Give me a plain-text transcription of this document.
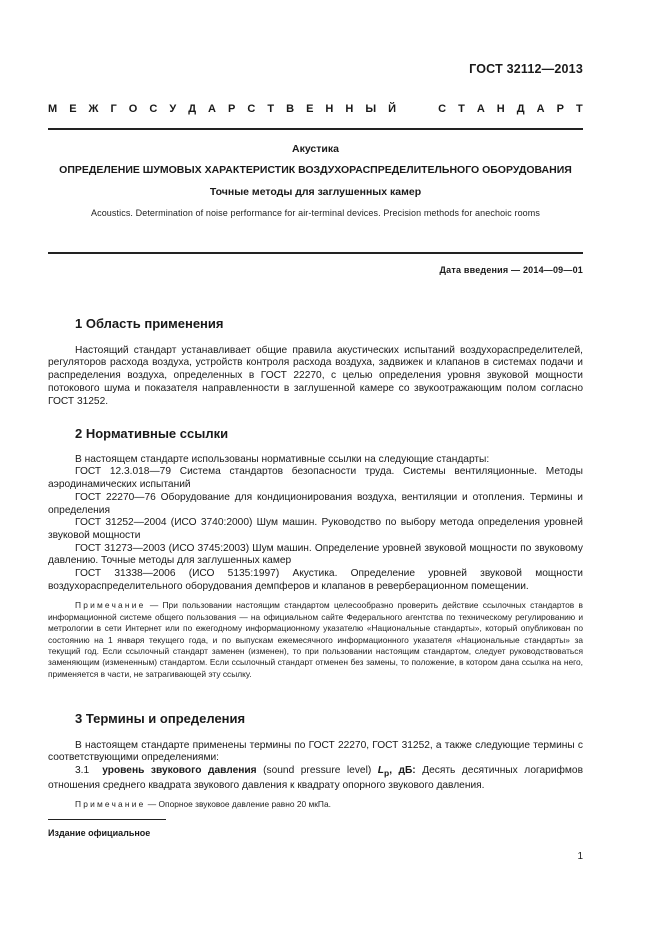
ГОСТ 32112—2013
М Е Ж Г О С У Д А Р С Т В Е Н Н Ы Й	С Т А Н Д А Р Т
Акустика
ОПРЕДЕЛЕНИЕ ШУМОВЫХ ХАРАКТЕРИСТИК ВОЗДУХОРАСПРЕДЕЛИТЕЛЬНОГО ОБОРУДОВАНИЯ
Точные методы для заглушенных камер
Acoustics. Determination of noise performance for air-terminal devices. Precision methods for anechoic rooms
Дата введения — 2014—09—01
1 Область применения

Настоящий стандарт устанавливает общие правила акустических испытаний воздухораспределителей, регуляторов расхода воздуха, устройств контроля расхода воздуха, задвижек и клапанов в системах подачи и распределения воздуха, определенных в ГОСТ 22270, с целью определения уровня звуковой мощности потокового шума и показателя направленности в заглушенной камере со звукоотражающим полом согласно ГОСТ 31252.

2 Нормативные ссылки

В настоящем стандарте использованы нормативные ссылки на следующие стандарты:

ГОСТ 12.3.018—79 Система стандартов безопасности труда. Системы вентиляционные. Методы аэродинамических испытаний

ГОСТ 22270—76 Оборудование для кондиционирования воздуха, вентиляции и отопления. Термины и определения

ГОСТ 31252—2004 (ИСО 3740:2000) Шум машин. Руководство по выбору метода определения уровней звуковой мощности

ГОСТ 31273—2003 (ИСО 3745:2003) Шум машин. Определение уровней звуковой мощности по звуковому давлению. Точные методы для заглушенных камер

ГОСТ 31338—2006 (ИСО 5135:1997) Акустика. Определение уровней звуковой мощности воздухораспределительного оборудования демпферов и клапанов в реверберационном помещении.

Примечание — При пользовании настоящим стандартом целесообразно проверить действие ссылочных стандартов в информационной системе общего пользования — на официальном сайте Федерального агентства по техническому регулированию и метрологии в сети Интернет или по ежегодному информационному указателю «Национальные стандарты», который опубликован по состоянию на 1 января текущего года, и по выпускам ежемесячного информационного указателя «Национальные стандарты» за текущий год. Если ссылочный стандарт заменен (изменен), то при пользовании настоящим стандартом, следует руководствоваться заменяющим (измененным) стандартом. Если ссылочный стандарт отменен без замены, то положение, в котором дана ссылка на него, применяется в части, не затрагивающей эту ссылку.
3 Термины и определения

В настоящем стандарте применены термины по ГОСТ 22270, ГОСТ 31252, а также следующие термины с соответствующими определениями:

3.1 уровень звукового давления (sound pressure level) $L_p$, дБ: Десять десятичных логарифмов отношения среднего квадрата звукового давления к квадрату опорного звукового давления.

Примечание — Опорное звуковое давление равно 20 мкПа.
Издание официальное
1
